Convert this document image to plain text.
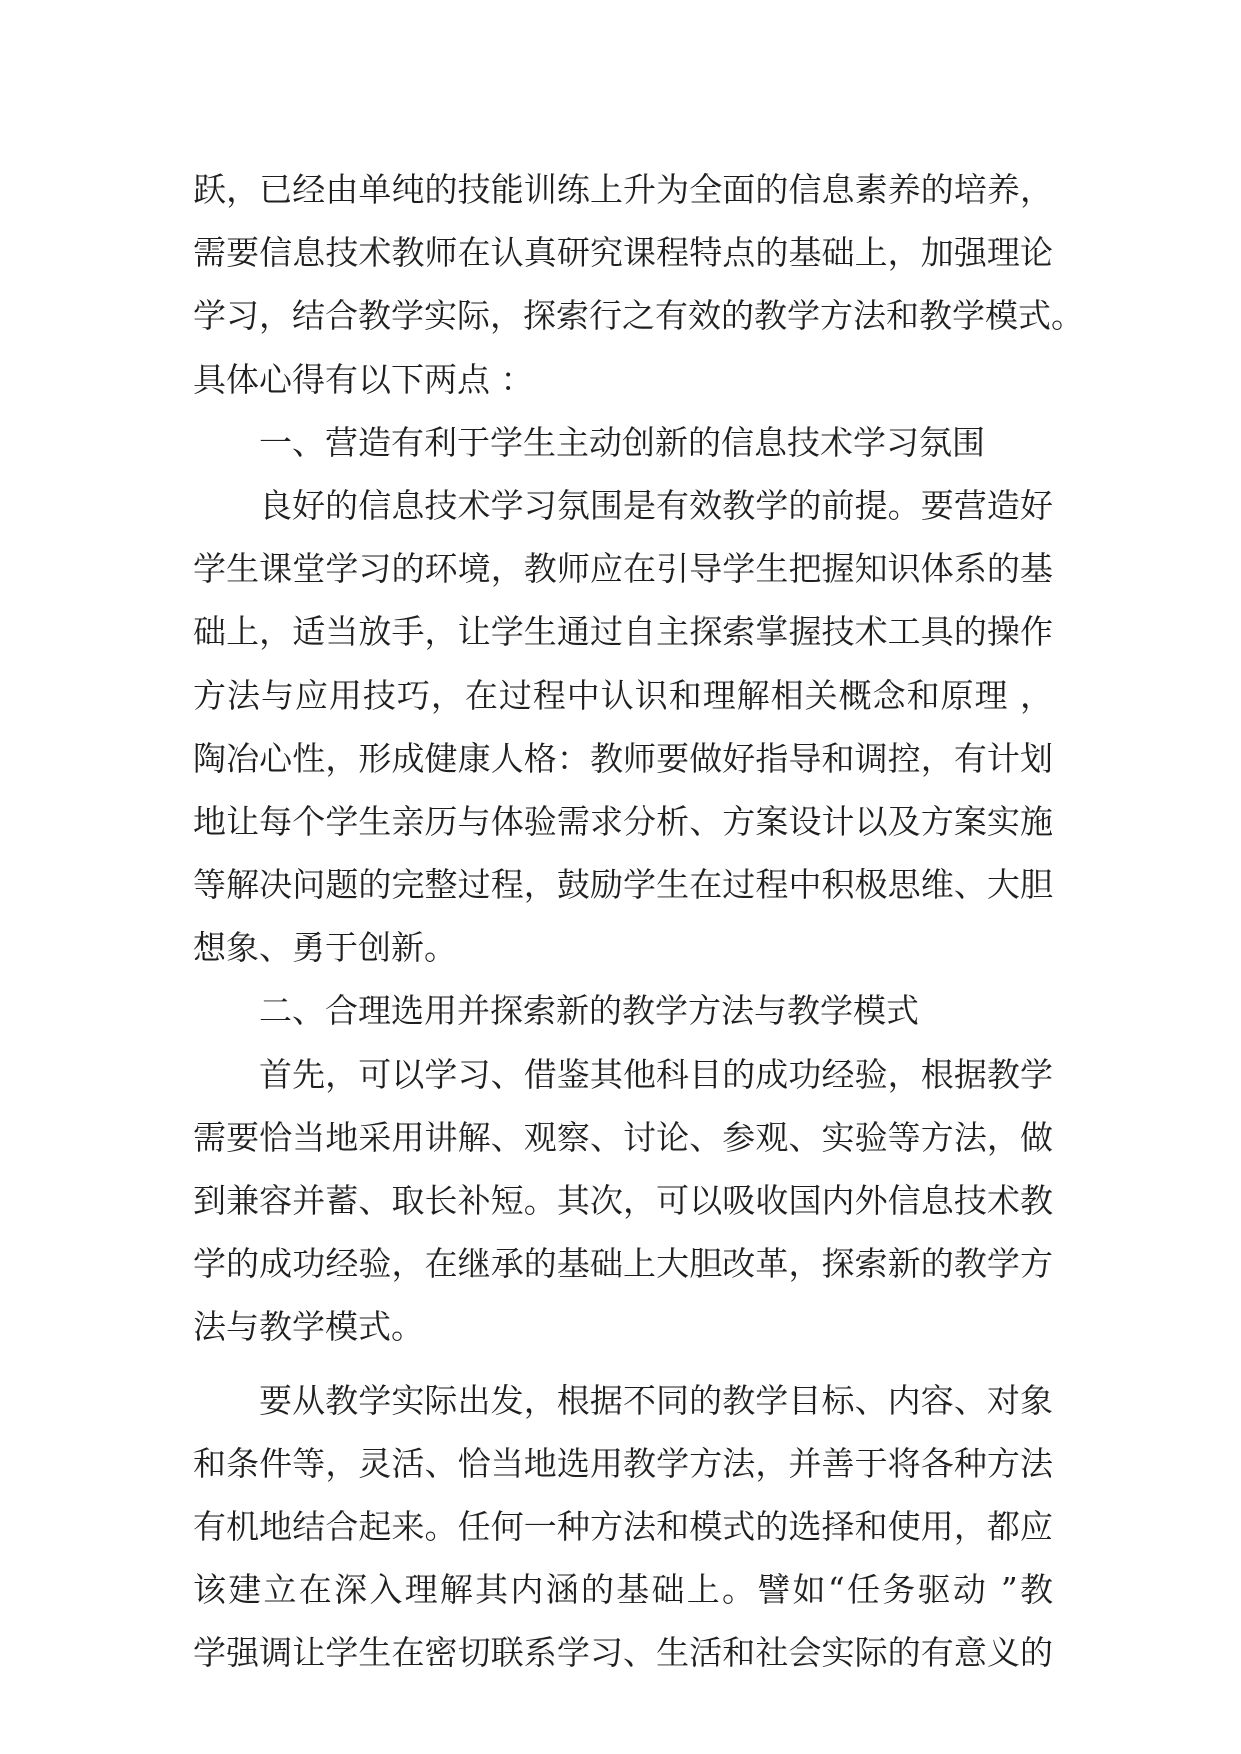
跃，已经由单纯的技能训练上升为全面的信息素养的培养，
需要信息技术教师在认真研究课程特点的基础上，加强理论
学习，结合教学实际，探索行之有效的教学方法和教学模式。
具体心得有以下两点 ：
一、营造有利于学生主动创新的信息技术学习氛围
良好的信息技术学习氛围是有效教学的前提。要营造好
学生课堂学习的环境，教师应在引导学生把握知识体系的基
础上，适当放手，让学生通过自主探索掌握技术工具的操作
方法与应用技巧，在过程中认识和理解相关概念和原理 ，
陶冶心性，形成健康人格：教师要做好指导和调控，有计划
地让每个学生亲历与体验需求分析、方案设计以及方案实施
等解决问题的完整过程，鼓励学生在过程中积极思维、大胆
想象、勇于创新。
二、合理选用并探索新的教学方法与教学模式
首先，可以学习、借鉴其他科目的成功经验，根据教学
需要恰当地采用讲解、观察、讨论、参观、实验等方法，做
到兼容并蓄、取长补短。其次，可以吸收国内外信息技术教
学的成功经验，在继承的基础上大胆改革，探索新的教学方
法与教学模式。
要从教学实际出发，根据不同的教学目标、内容、对象
和条件等，灵活、恰当地选用教学方法，并善于将各种方法
有机地结合起来。任何一种方法和模式的选择和使用，都应
该建立在深入理解其内涵的基础上。譬如“任务驱动 ”教
学强调让学生在密切联系学习、生活和社会实际的有意义的
